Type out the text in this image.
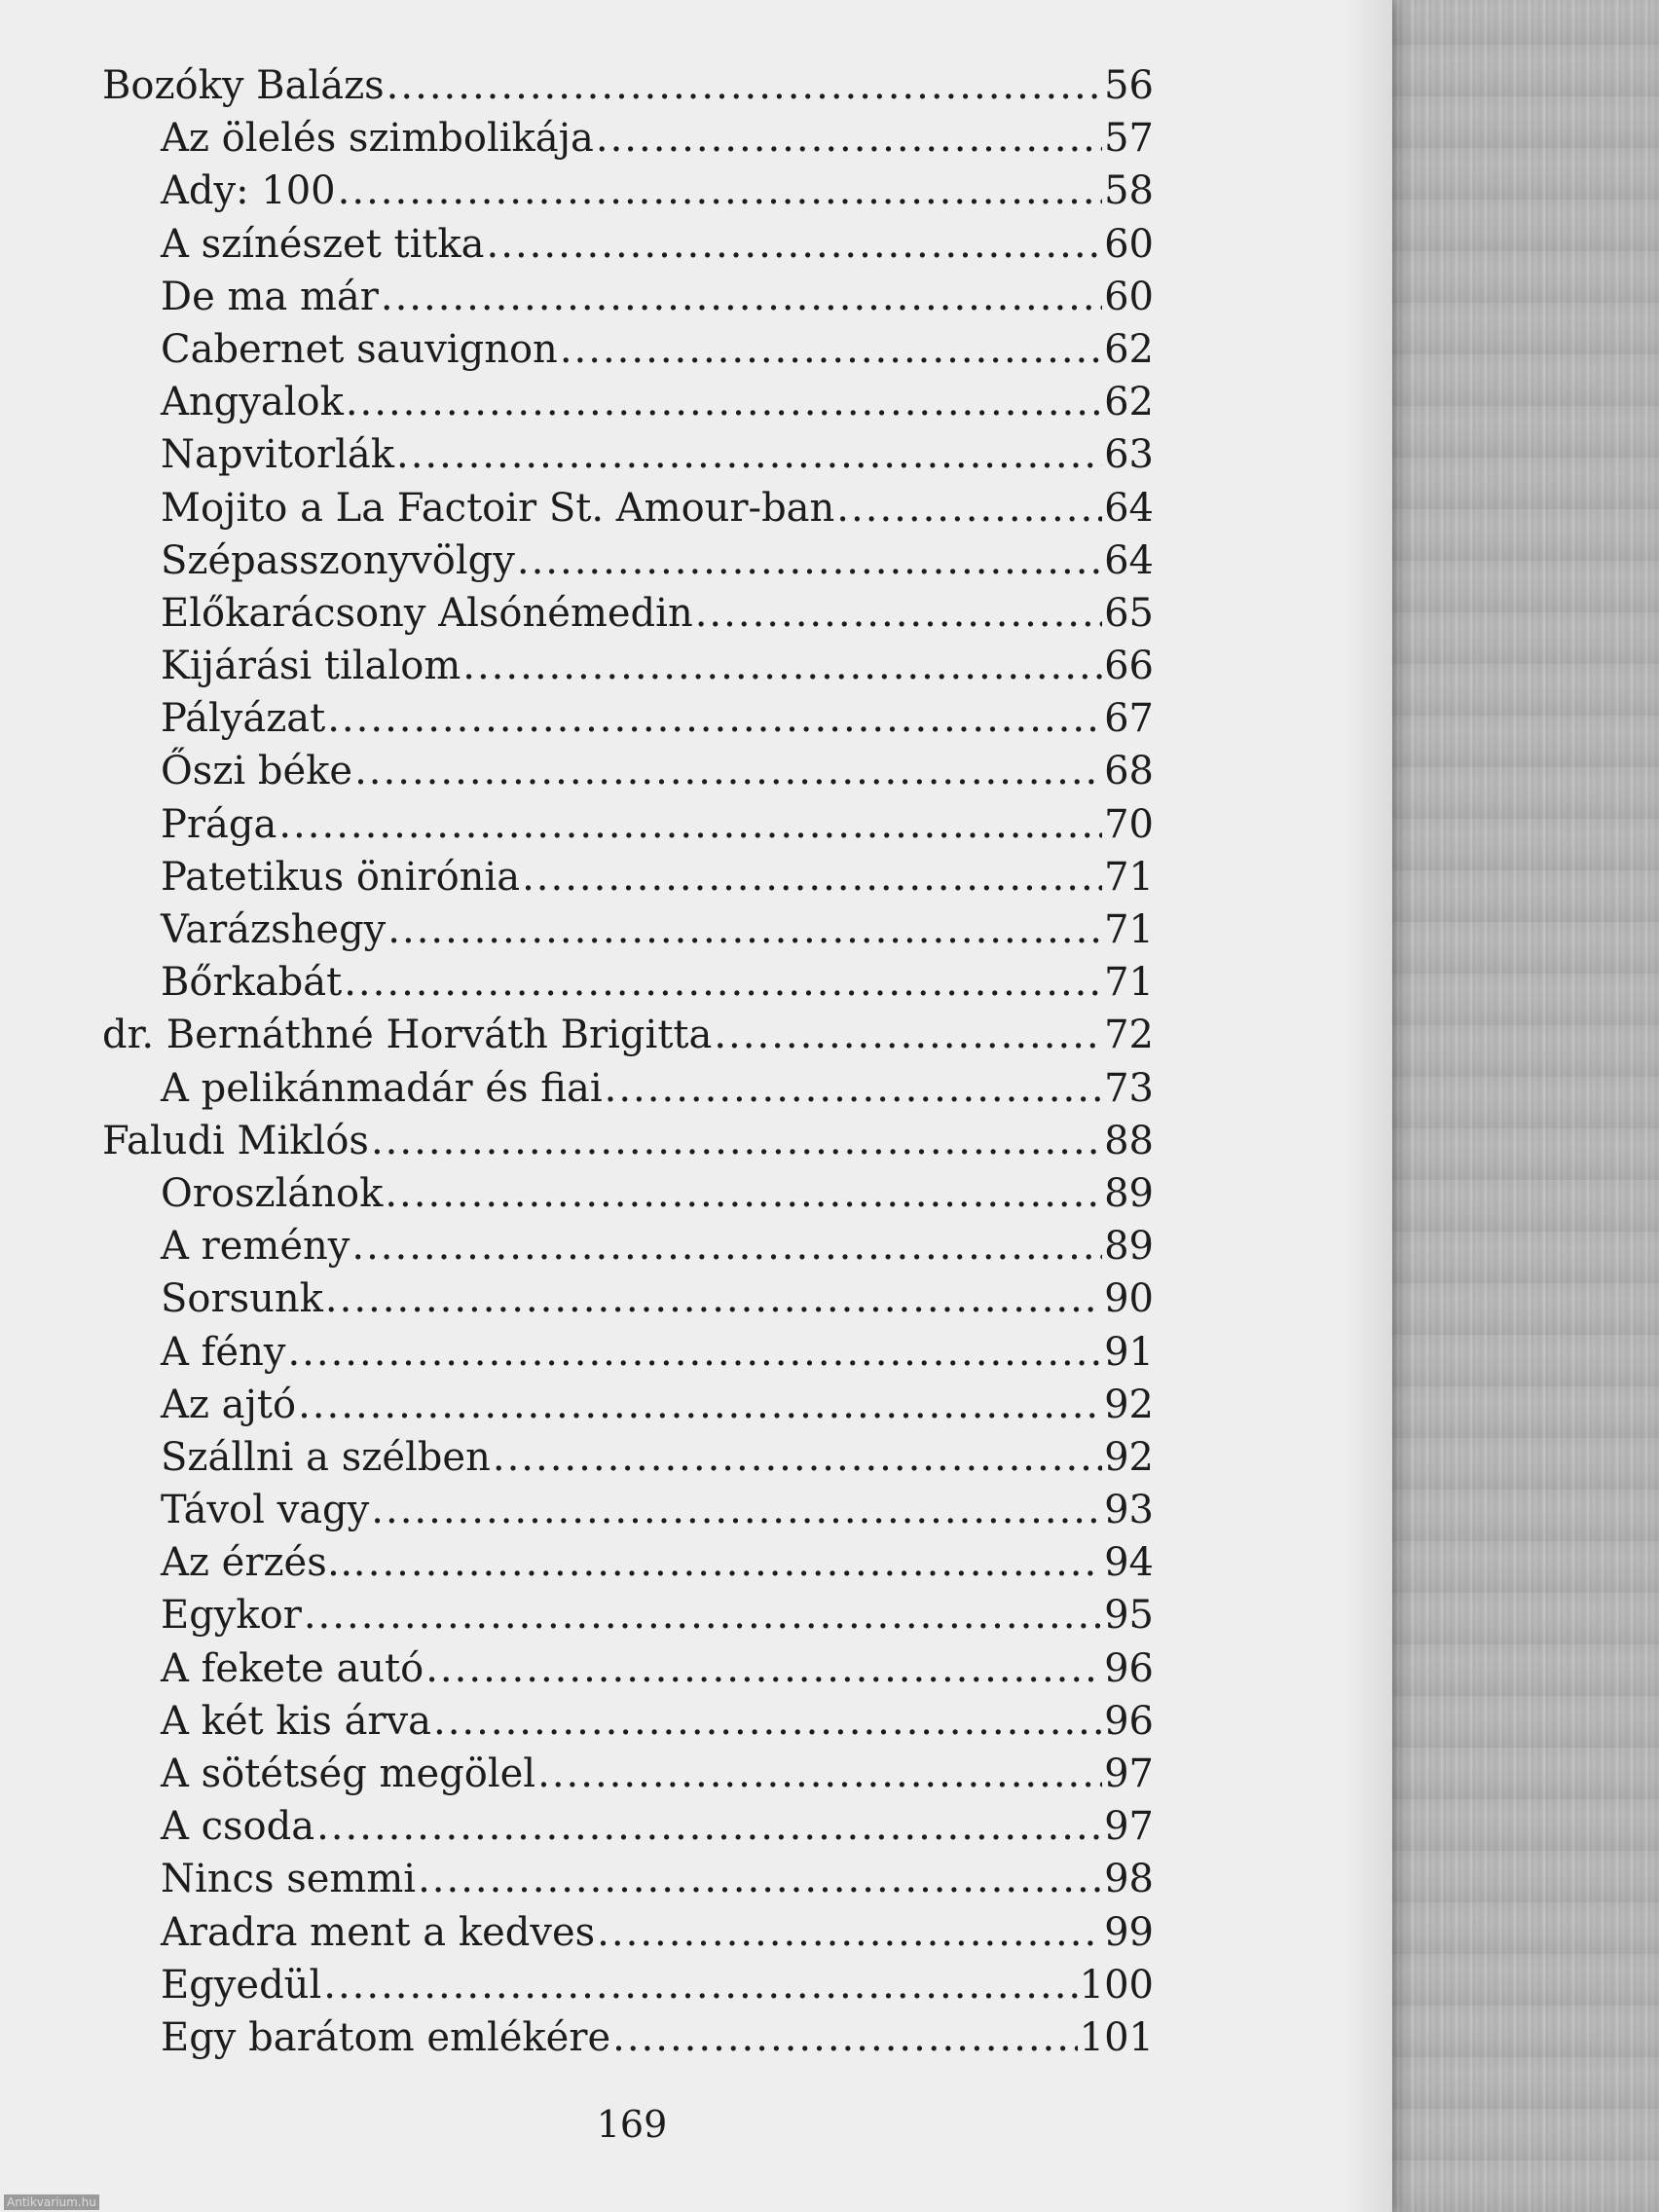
Bozóky Balázs .....	56
Az ölelés szimbolikája .....	57
Ady: 100 .....	58
A színészet titka .....	60
De ma már .....	60
Cabernet sauvignon .....	62
Angyalok .....	62
Napvitorlák .....	63
Mojito a La Factoir St. Amour-ban .....	64
Szépasszonyvölgy .....	64
Előkarácsony Alsónémedin .....	65
Kijárási tilalom .....	66
Pályázat .....	67
Őszi béke .....	68
Prága .....	70
Patetikus önirónia .....	71
Varázshegy .....	71
Bőrkabát .....	71
dr. Bernáthné Horváth Brigitta .....	72
A pelikánmadár és fiai .....	73
Faludi Miklós .....	88
Oroszlánok .....	89
A remény .....	89
Sorsunk .....	90
A fény .....	91
Az ajtó .....	92
Szállni a szélben .....	92
Távol vagy .....	93
Az érzés… .....	94
Egykor .....	95
A fekete autó .....	96
A két kis árva .....	96
A sötétség megölel .....	97
A csoda .....	97
Nincs semmi .....	98
Aradra ment a kedves .....	99
Egyedül .....	100
Egy barátom emlékére .....	101
169
Antikvarium.hu
